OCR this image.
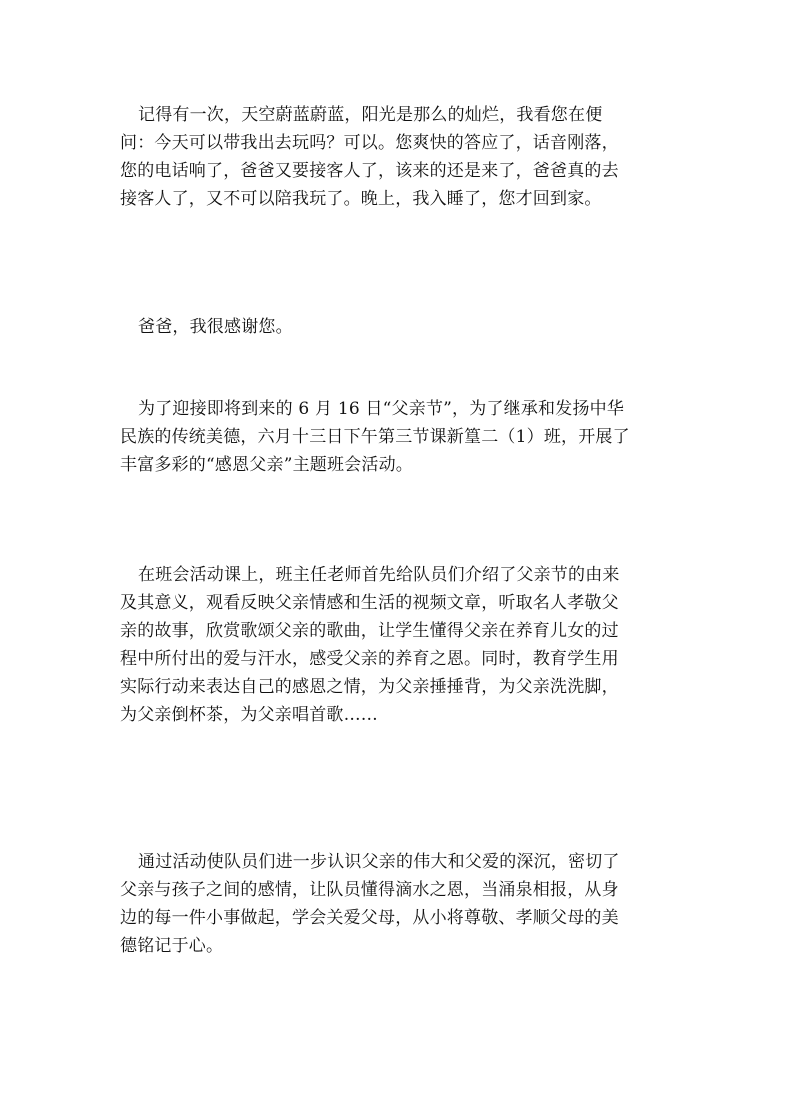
记得有一次，天空蔚蓝蔚蓝，阳光是那么的灿烂，我看您在便
问：今天可以带我出去玩吗？可以。您爽快的答应了，话音刚落，
您的电话响了，爸爸又要接客人了，该来的还是来了，爸爸真的去
接客人了，又不可以陪我玩了。晚上，我入睡了，您才回到家。
爸爸，我很感谢您。
为了迎接即将到来的 6 月 16 日“父亲节”，为了继承和发扬中华
民族的传统美德，六月十三日下午第三节课新篁二（1）班，开展了
丰富多彩的“感恩父亲”主题班会活动。
在班会活动课上，班主任老师首先给队员们介绍了父亲节的由来
及其意义，观看反映父亲情感和生活的视频文章，听取名人孝敬父
亲的故事，欣赏歌颂父亲的歌曲，让学生懂得父亲在养育儿女的过
程中所付出的爱与汗水，感受父亲的养育之恩。同时，教育学生用
实际行动来表达自己的感恩之情，为父亲捶捶背，为父亲洗洗脚，
为父亲倒杯茶，为父亲唱首歌……
通过活动使队员们进一步认识父亲的伟大和父爱的深沉，密切了
父亲与孩子之间的感情，让队员懂得滴水之恩，当涌泉相报，从身
边的每一件小事做起，学会关爱父母，从小将尊敬、孝顺父母的美
德铭记于心。
